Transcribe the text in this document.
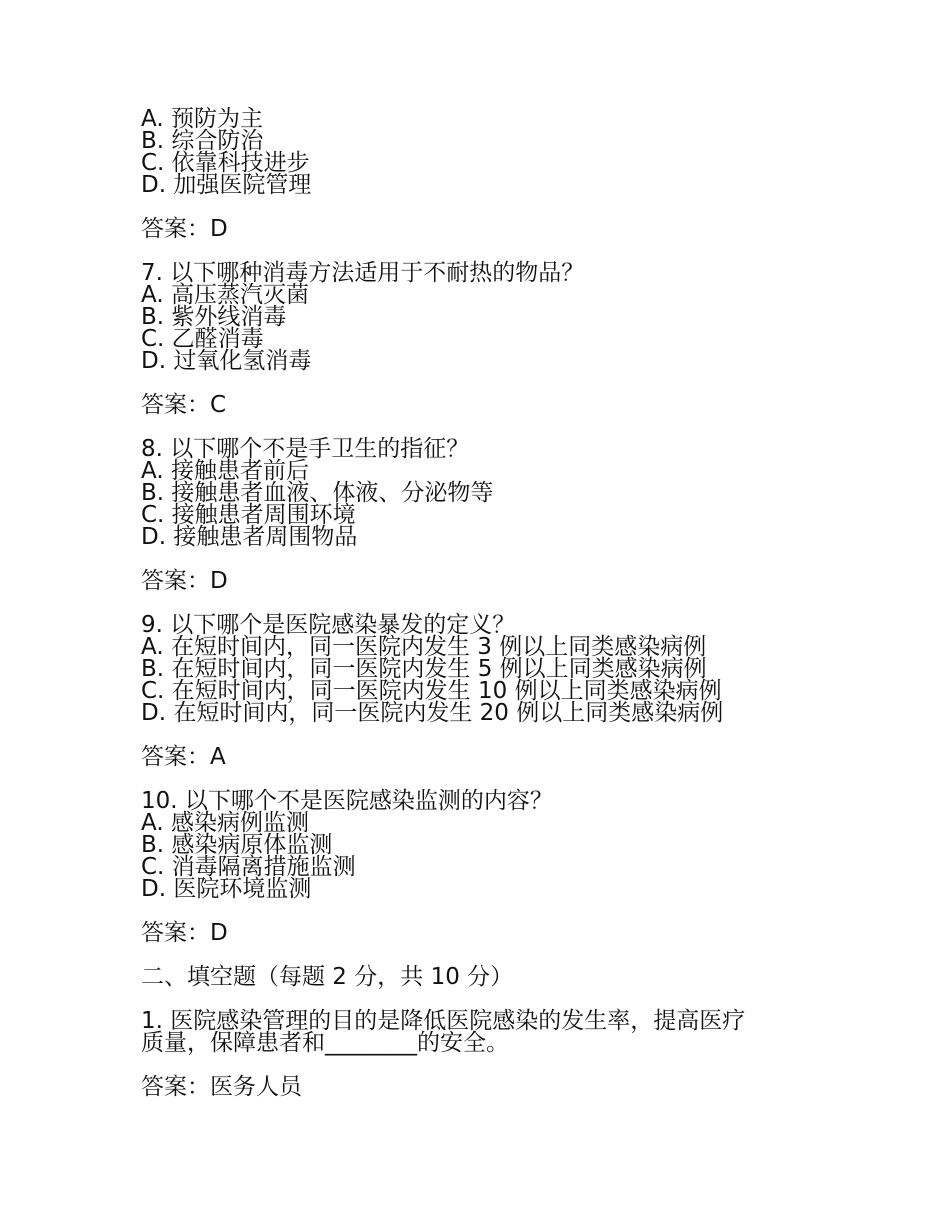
A. 预防为主
B. 综合防治
C. 依靠科技进步
D. 加强医院管理
答案：D
7. 以下哪种消毒方法适用于不耐热的物品？
A. 高压蒸汽灭菌
B. 紫外线消毒
C. 乙醛消毒
D. 过氧化氢消毒
答案：C
8. 以下哪个不是手卫生的指征？
A. 接触患者前后
B. 接触患者血液、体液、分泌物等
C. 接触患者周围环境
D. 接触患者周围物品
答案：D
9. 以下哪个是医院感染暴发的定义？
A. 在短时间内，同一医院内发生 3 例以上同类感染病例
B. 在短时间内，同一医院内发生 5 例以上同类感染病例
C. 在短时间内，同一医院内发生 10 例以上同类感染病例
D. 在短时间内，同一医院内发生 20 例以上同类感染病例
答案：A
10. 以下哪个不是医院感染监测的内容？
A. 感染病例监测
B. 感染病原体监测
C. 消毒隔离措施监测
D. 医院环境监测
答案：D
二、填空题（每题 2 分，共 10 分）
1. 医院感染管理的目的是降低医院感染的发生率，提高医疗
质量，保障患者和________的安全。
答案：医务人员
